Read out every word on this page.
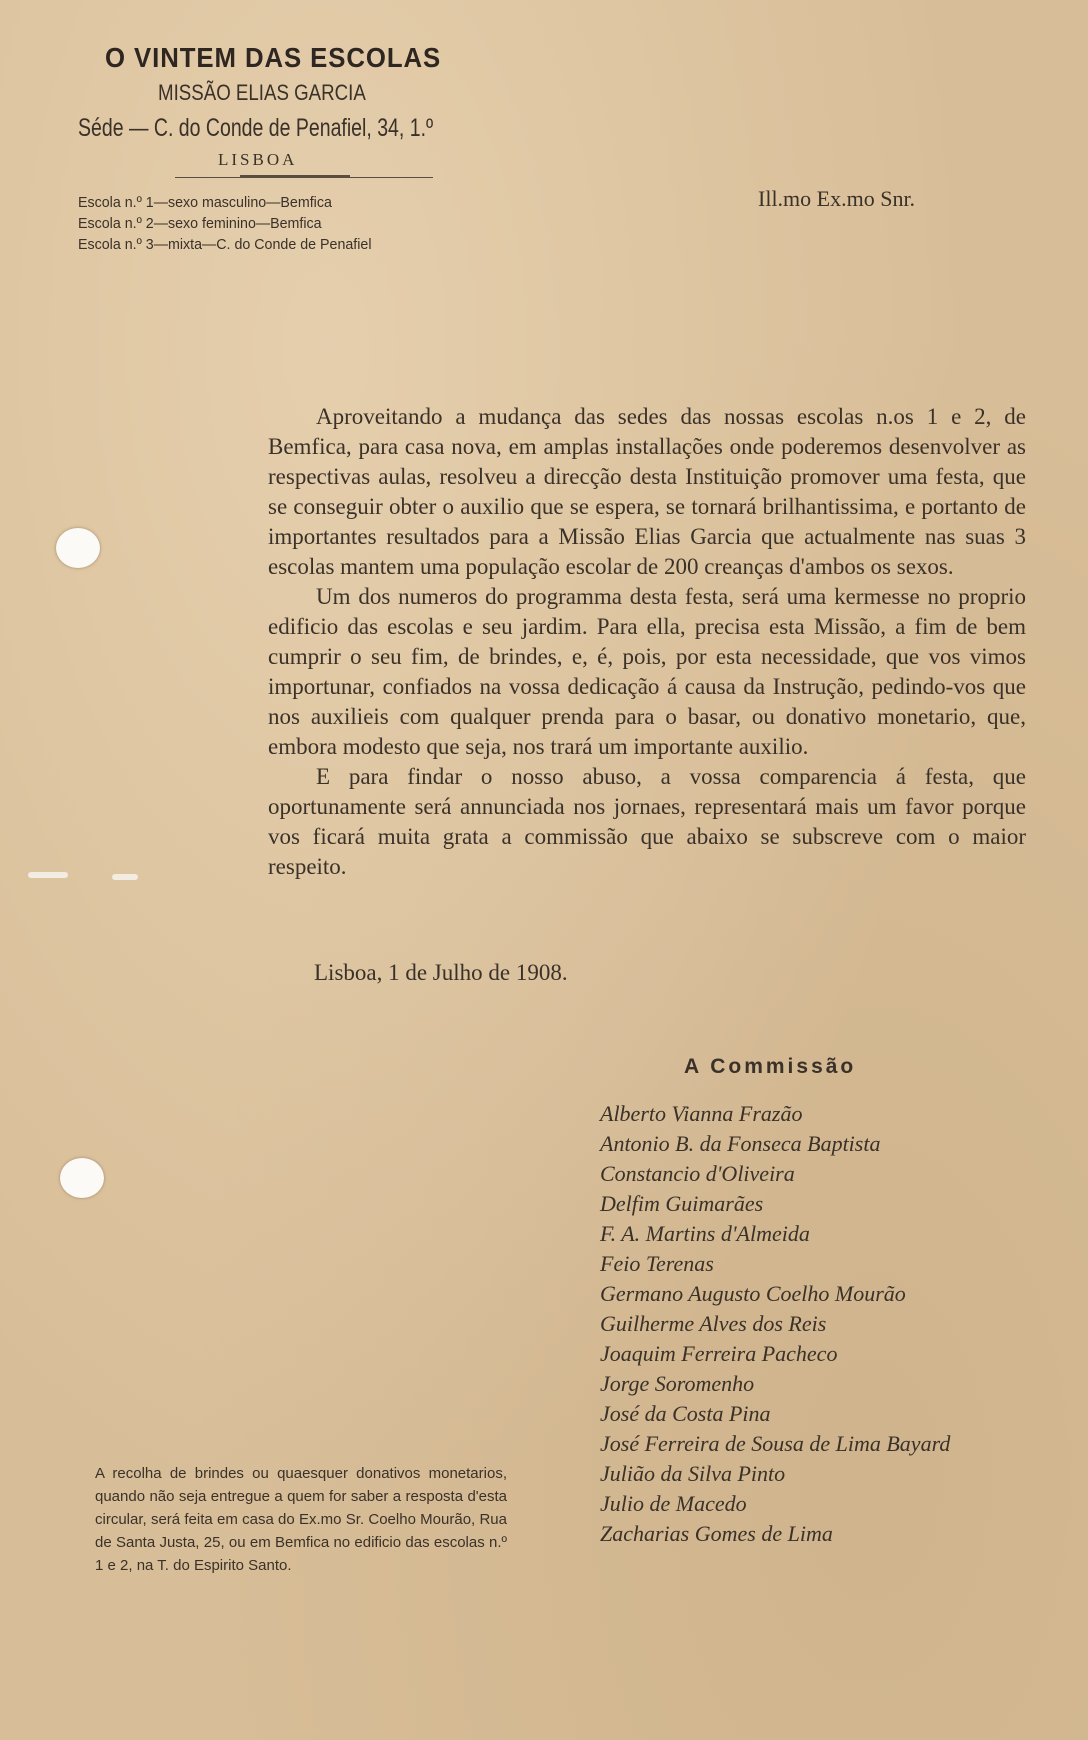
O VINTEM DAS ESCOLAS
MISSÃO ELIAS GARCIA
Séde — C. do Conde de Penafiel, 34, 1.º
LISBOA
Escola n.º 1—sexo masculino—Bemfica
Escola n.º 2—sexo feminino—Bemfica
Escola n.º 3—mixta—C. do Conde de Penafiel
Ill.mo Ex.mo Snr.

Aproveitando a mudança das sedes das nossas escolas n.os 1 e 2, de Bemfica, para casa nova, em amplas installações onde poderemos desenvolver as respectivas aulas, resolveu a direcção desta Instituição promover uma festa, que se conseguir obter o auxilio que se espera, se tornará brilhantissima, e portanto de importantes resultados para a Missão Elias Garcia que actualmente nas suas 3 escolas mantem uma população escolar de 200 creanças d'ambos os sexos.

Um dos numeros do programma desta festa, será uma kermesse no proprio edificio das escolas e seu jardim. Para ella, precisa esta Missão, a fim de bem cumprir o seu fim, de brindes, e, é, pois, por esta necessidade, que vos vimos importunar, confiados na vossa dedicação á causa da Instrução, pedindo-vos que nos auxilieis com qualquer prenda para o basar, ou donativo monetario, que, embora modesto que seja, nos trará um importante auxilio.

E para findar o nosso abuso, a vossa comparencia á festa, que oportunamente será annunciada nos jornaes, representará mais um favor porque vos ficará muita grata a commissão que abaixo se subscreve com o maior respeito.

Lisboa, 1 de Julho de 1908.
A Commissão
Alberto Vianna Frazão
Antonio B. da Fonseca Baptista
Constancio d'Oliveira
Delfim Guimarães
F. A. Martins d'Almeida
Feio Terenas
Germano Augusto Coelho Mourão
Guilherme Alves dos Reis
Joaquim Ferreira Pacheco
Jorge Soromenho
José da Costa Pina
José Ferreira de Sousa de Lima Bayard
Julião da Silva Pinto
Julio de Macedo
Zacharias Gomes de Lima
A recolha de brindes ou quaesquer donativos monetarios, quando não seja entregue a quem for saber a resposta d'esta circular, será feita em casa do Ex.mo Sr. Coelho Mourão, Rua de Santa Justa, 25, ou em Bemfica no edificio das escolas n.º 1 e 2, na T. do Espirito Santo.
